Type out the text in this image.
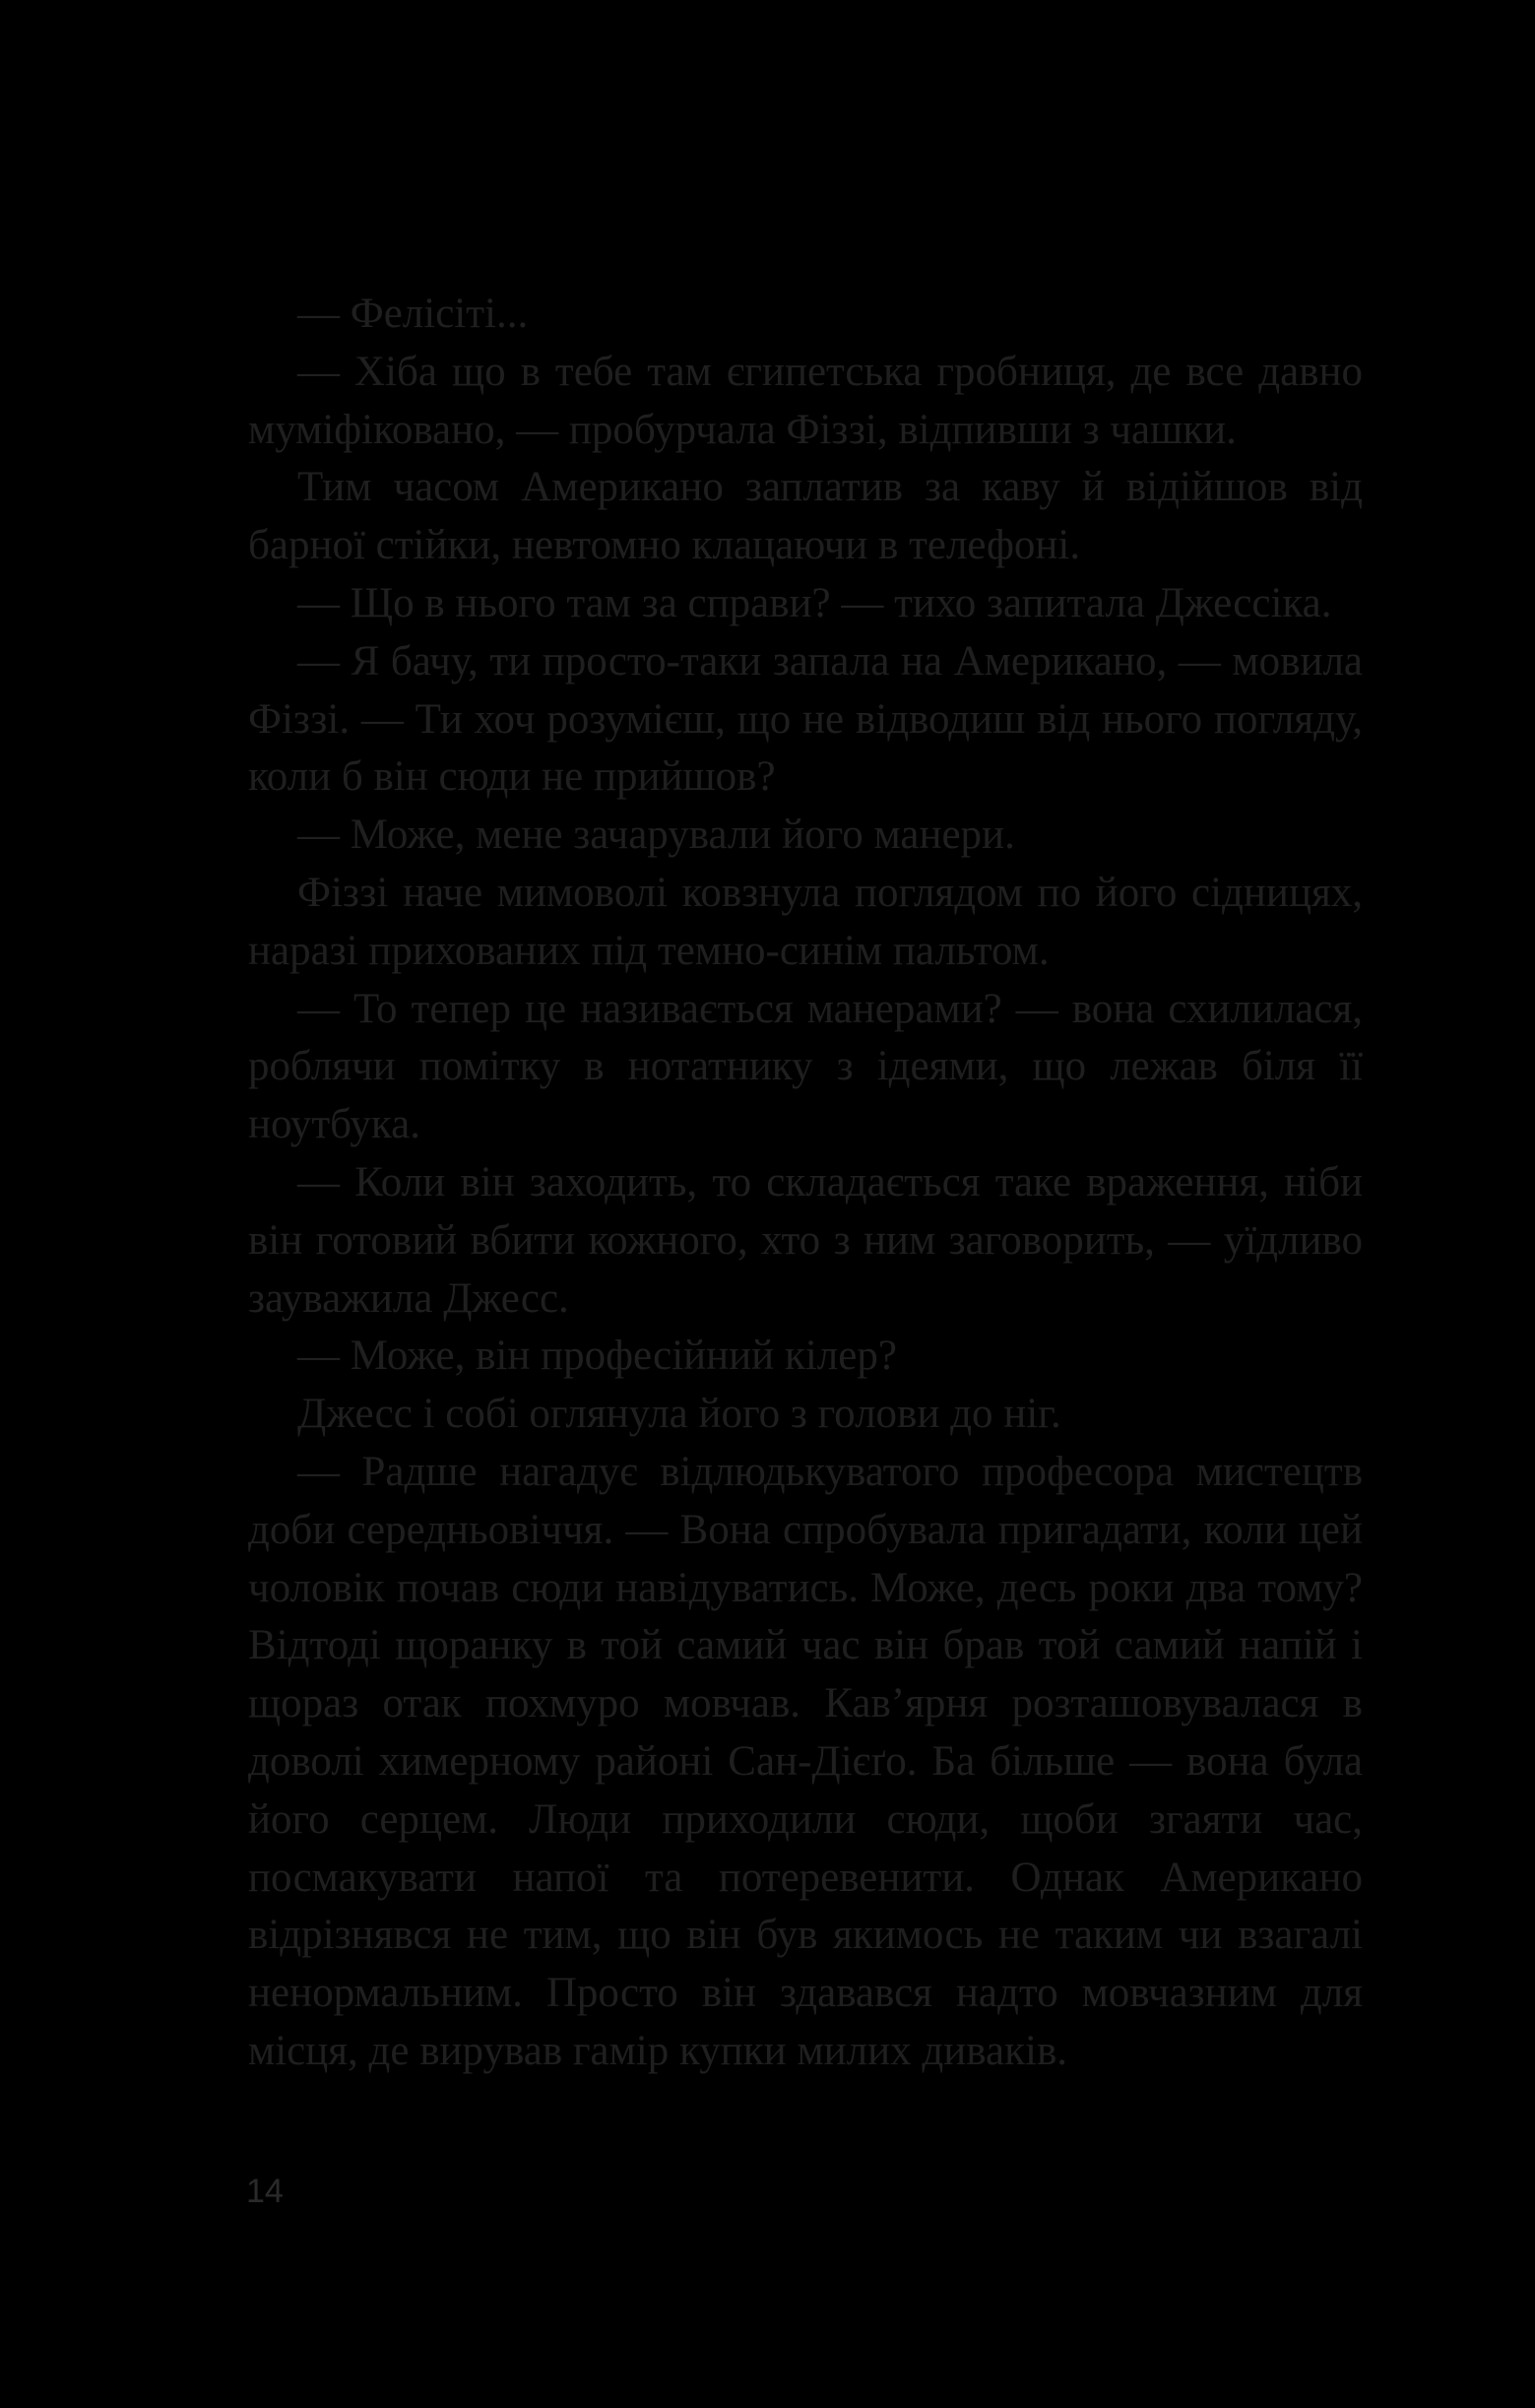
— Фелісіті...

— Хіба що в тебе там єгипетська гробниця, де все давно муміфіковано, — пробурчала Фіззі, відпивши з чашки.

Тим часом Американо заплатив за каву й відійшов від барної стійки, невтомно клацаючи в телефоні.

— Що в нього там за справи? — тихо запитала Джессіка.

— Я бачу, ти просто-таки запала на Американо, — мовила Фіззі. — Ти хоч розумієш, що не відводиш від нього погляду, коли б він сюди не прийшов?

— Може, мене зачарували його манери.

Фіззі наче мимоволі ковзнула поглядом по його сідницях, наразі прихованих під темно-синім пальтом.

— То тепер це називається манерами? — вона схилилася, роблячи помітку в нотатнику з ідеями, що лежав біля її ноутбука.

— Коли він заходить, то складається таке враження, ніби він готовий вбити кожного, хто з ним заговорить, — уїдливо зауважила Джесс.

— Може, він професійний кілер?

Джесс і собі оглянула його з голови до ніг.

— Радше нагадує відлюдькуватого професора мистецтв доби середньовіччя. — Вона спробувала пригадати, коли цей чоловік почав сюди навідуватись. Може, десь роки два тому? Відтоді щоранку в той самий час він брав той самий напій і щораз отак похмуро мовчав. Кав’ярня розташовувалася в доволі химерному районі Сан-Дієґо. Ба більше — вона була його серцем. Люди приходили сюди, щоби згаяти час, посмакувати напої та потеревенити. Однак Американо відрізнявся не тим, що він був якимось не таким чи взагалі ненормальним. Просто він здавався надто мовчазним для місця, де вирував гамір купки милих диваків.

14
